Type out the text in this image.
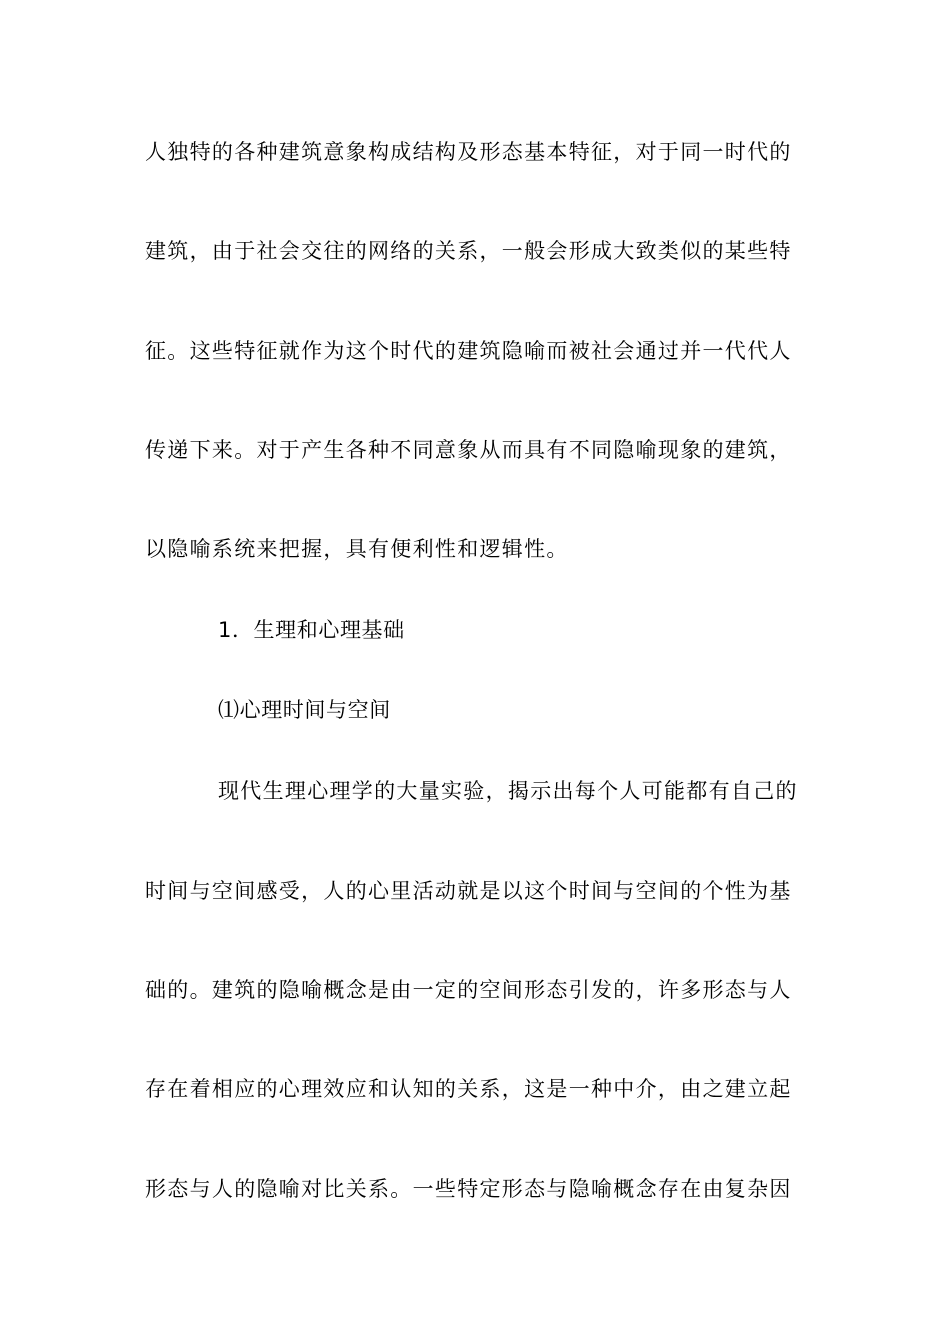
人独特的各种建筑意象构成结构及形态基本特征，对于同一时代的
建筑，由于社会交往的网络的关系，一般会形成大致类似的某些特
征。这些特征就作为这个时代的建筑隐喻而被社会通过并一代代人
传递下来。对于产生各种不同意象从而具有不同隐喻现象的建筑，
以隐喻系统来把握，具有便利性和逻辑性。
1．生理和心理基础
⑴心理时间与空间
现代生理心理学的大量实验，揭示出每个人可能都有自己的
时间与空间感受，人的心里活动就是以这个时间与空间的个性为基
础的。建筑的隐喻概念是由一定的空间形态引发的，许多形态与人
存在着相应的心理效应和认知的关系，这是一种中介，由之建立起
形态与人的隐喻对比关系。一些特定形态与隐喻概念存在由复杂因
